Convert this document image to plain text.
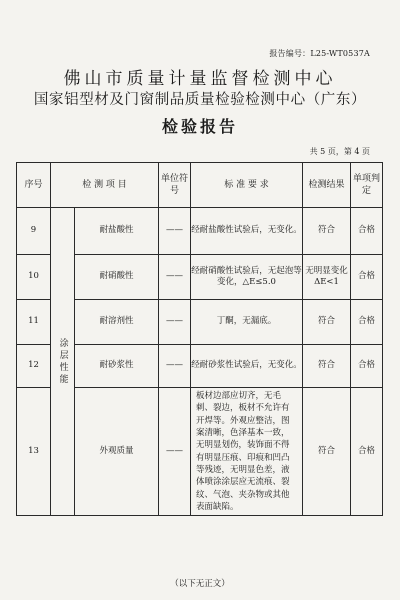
报告编号：L25-WT0537A
佛山市质量计量监督检测中心
国家铝型材及门窗制品质量检验检测中心（广东）
检验报告
共 5 页，第 4 页
序号	检 测 项 目		单位符号	标 准 要 求	检测结果	单项判定
9	涂层性能	耐盐酸性	——	经耐盐酸性试验后，无变化。	符合	合格
10		耐硝酸性	——	经耐硝酸性试验后，无起泡等变化，△E≤5.0	无明显变化 ΔE<1	合格
11		耐溶剂性	——	丁酮，无漏底。	符合	合格
12		耐砂浆性	——	经耐砂浆性试验后，无变化。	符合	合格
13		外观质量	——	板材边部应切齐，无毛刺、裂边，板材不允许有开焊等。外观应整洁，图案清晰，色泽基本一致，无明显划伤，装饰面不得有明显压痕、印痕和凹凸等残迹，无明显色差，液体喷涂涂层应无流痕、裂纹、气泡、夹杂物或其他表面缺陷。	符合	合格
（以下无正文）
